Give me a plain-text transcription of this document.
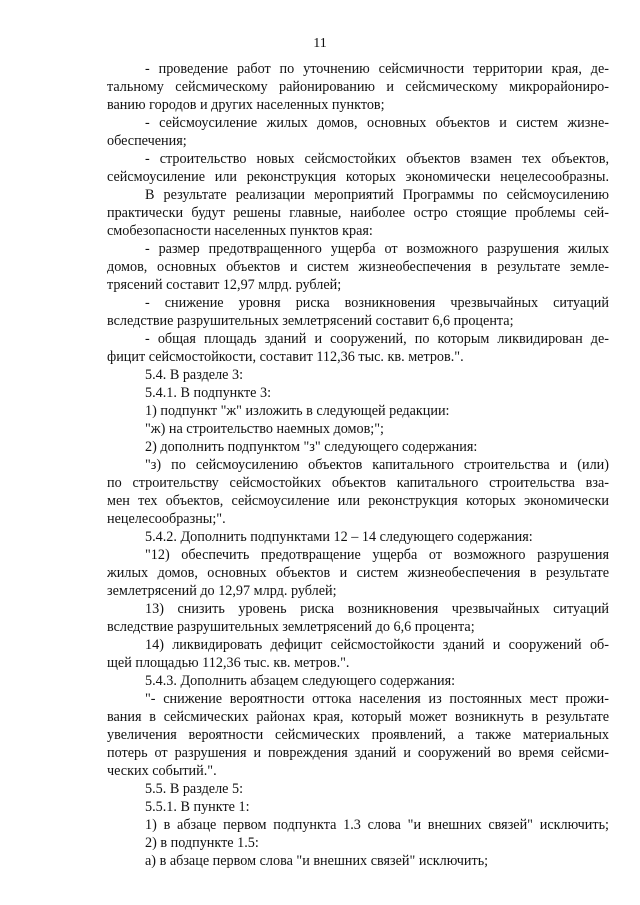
11
- проведение работ по уточнению сейсмичности территории края, де-
тальному сейсмическому районированию и сейсмическому микрорайониро-
ванию городов и других населенных пунктов;
- сейсмоусиление жилых домов, основных объектов и систем жизне-
обеспечения;
- строительство новых сейсмостойких объектов взамен тех объектов,
сейсмоусиление или реконструкция которых экономически нецелесообразны.
В результате реализации мероприятий Программы по сейсмоусилению
практически будут решены главные, наиболее остро стоящие проблемы сей-
смобезопасности населенных пунктов края:
- размер предотвращенного ущерба от возможного разрушения жилых
домов, основных объектов и систем жизнеобеспечения в результате земле-
трясений составит 12,97 млрд. рублей;
- снижение уровня риска возникновения чрезвычайных ситуаций
вследствие разрушительных землетрясений составит 6,6 процента;
- общая площадь зданий и сооружений, по которым ликвидирован де-
фицит сейсмостойкости, составит 112,36 тыс. кв. метров.".
5.4. В разделе 3:
5.4.1. В подпункте 3:
1) подпункт "ж" изложить в следующей редакции:
"ж) на строительство наемных домов;";
2) дополнить подпунктом "з" следующего содержания:
"з) по сейсмоусилению объектов капитального строительства и (или)
по строительству сейсмостойких объектов капитального строительства вза-
мен тех объектов, сейсмоусиление или реконструкция которых экономически
нецелесообразны;".
5.4.2. Дополнить подпунктами 12 – 14 следующего содержания:
"12) обеспечить предотвращение ущерба от возможного разрушения
жилых домов, основных объектов и систем жизнеобеспечения в результате
землетрясений до 12,97 млрд. рублей;
13) снизить уровень риска возникновения чрезвычайных ситуаций
вследствие разрушительных землетрясений до 6,6 процента;
14) ликвидировать дефицит сейсмостойкости зданий и сооружений об-
щей площадью 112,36 тыс. кв. метров.".
5.4.3. Дополнить абзацем следующего содержания:
"- снижение вероятности оттока населения из постоянных мест прожи-
вания в сейсмических районах края, который может возникнуть в результате
увеличения вероятности сейсмических проявлений, а также материальных
потерь от разрушения и повреждения зданий и сооружений во время сейсми-
ческих событий.".
5.5. В разделе 5:
5.5.1. В пункте 1:
1) в абзаце первом подпункта 1.3 слова "и внешних связей" исключить;
2) в подпункте 1.5:
а) в абзаце первом слова "и внешних связей" исключить;
